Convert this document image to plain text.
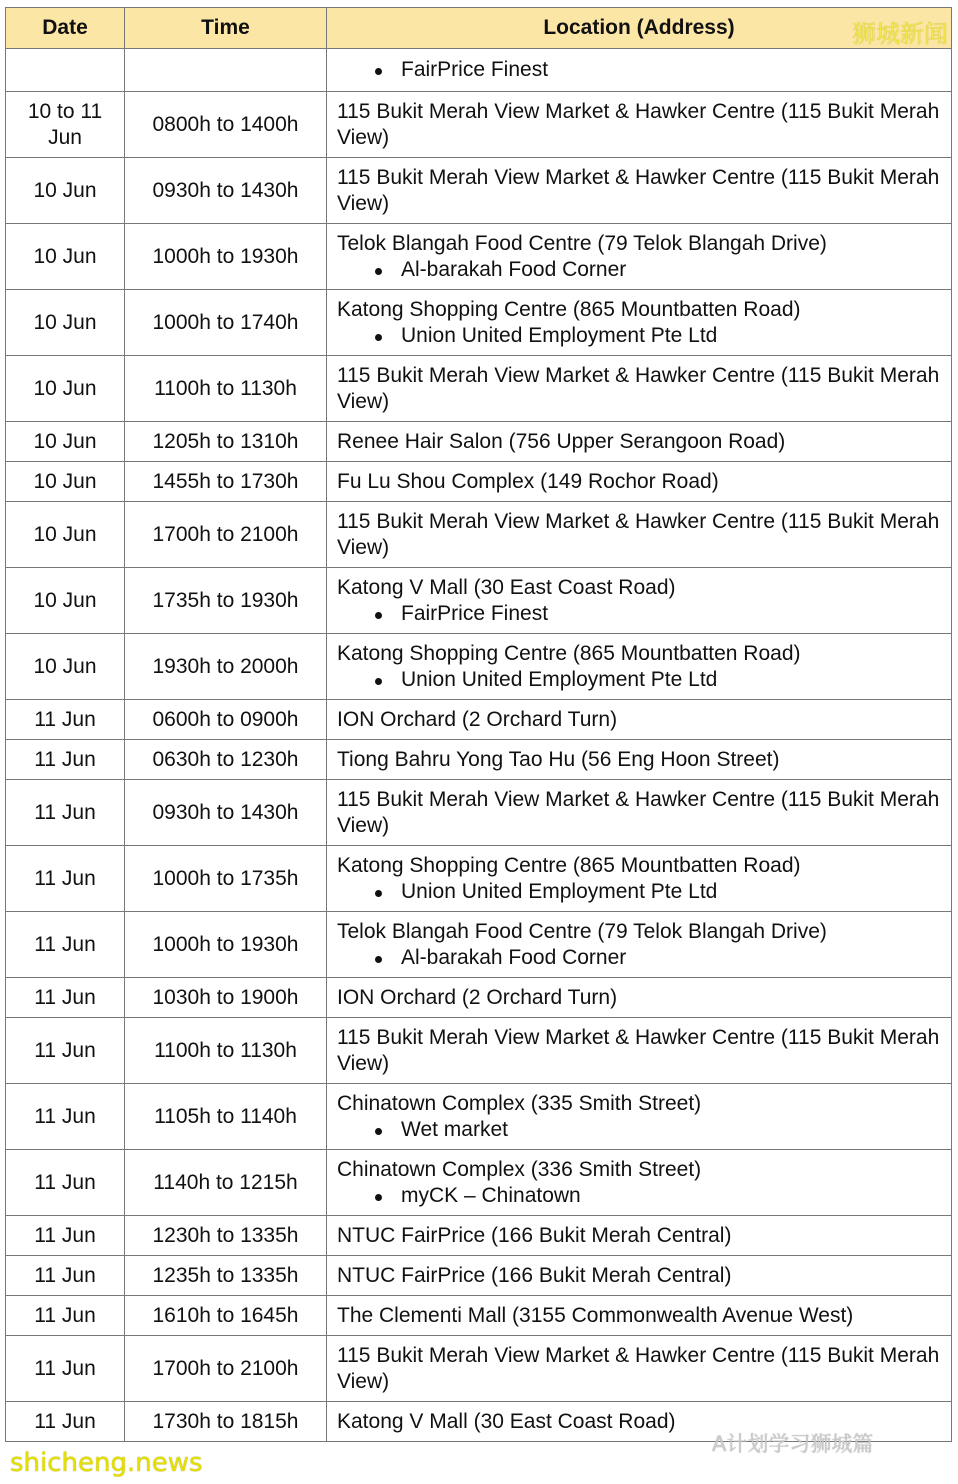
Date	Time	Location (Address)

		FairPrice Finest

10 to 11 Jun	0800h to 1400h	115 Bukit Merah View Market & Hawker Centre (115 Bukit Merah View)

10 Jun	0930h to 1430h	115 Bukit Merah View Market & Hawker Centre (115 Bukit Merah View)

10 Jun	1000h to 1930h	Telok Blangah Food Centre (79 Telok Blangah Drive)
Al-barakah Food Corner

10 Jun	1000h to 1740h	Katong Shopping Centre (865 Mountbatten Road)
Union United Employment Pte Ltd

10 Jun	1100h to 1130h	115 Bukit Merah View Market & Hawker Centre (115 Bukit Merah View)

10 Jun	1205h to 1310h	Renee Hair Salon (756 Upper Serangoon Road)

10 Jun	1455h to 1730h	Fu Lu Shou Complex (149 Rochor Road)

10 Jun	1700h to 2100h	115 Bukit Merah View Market & Hawker Centre (115 Bukit Merah View)

10 Jun	1735h to 1930h	Katong V Mall (30 East Coast Road)
FairPrice Finest

10 Jun	1930h to 2000h	Katong Shopping Centre (865 Mountbatten Road)
Union United Employment Pte Ltd

11 Jun	0600h to 0900h	ION Orchard (2 Orchard Turn)

11 Jun	0630h to 1230h	Tiong Bahru Yong Tao Hu (56 Eng Hoon Street)

11 Jun	0930h to 1430h	115 Bukit Merah View Market & Hawker Centre (115 Bukit Merah View)

11 Jun	1000h to 1735h	Katong Shopping Centre (865 Mountbatten Road)
Union United Employment Pte Ltd

11 Jun	1000h to 1930h	Telok Blangah Food Centre (79 Telok Blangah Drive)
Al-barakah Food Corner

11 Jun	1030h to 1900h	ION Orchard (2 Orchard Turn)

11 Jun	1100h to 1130h	115 Bukit Merah View Market & Hawker Centre (115 Bukit Merah View)

11 Jun	1105h to 1140h	Chinatown Complex (335 Smith Street)
Wet market

11 Jun	1140h to 1215h	Chinatown Complex (336 Smith Street)
myCK – Chinatown

11 Jun	1230h to 1335h	NTUC FairPrice (166 Bukit Merah Central)

11 Jun	1235h to 1335h	NTUC FairPrice (166 Bukit Merah Central)

11 Jun	1610h to 1645h	The Clementi Mall (3155 Commonwealth Avenue West)

11 Jun	1700h to 2100h	115 Bukit Merah View Market & Hawker Centre (115 Bukit Merah View)

11 Jun	1730h to 1815h	Katong V Mall (30 East Coast Road)
狮城新闻
shicheng.news
A计划学习狮城篇
